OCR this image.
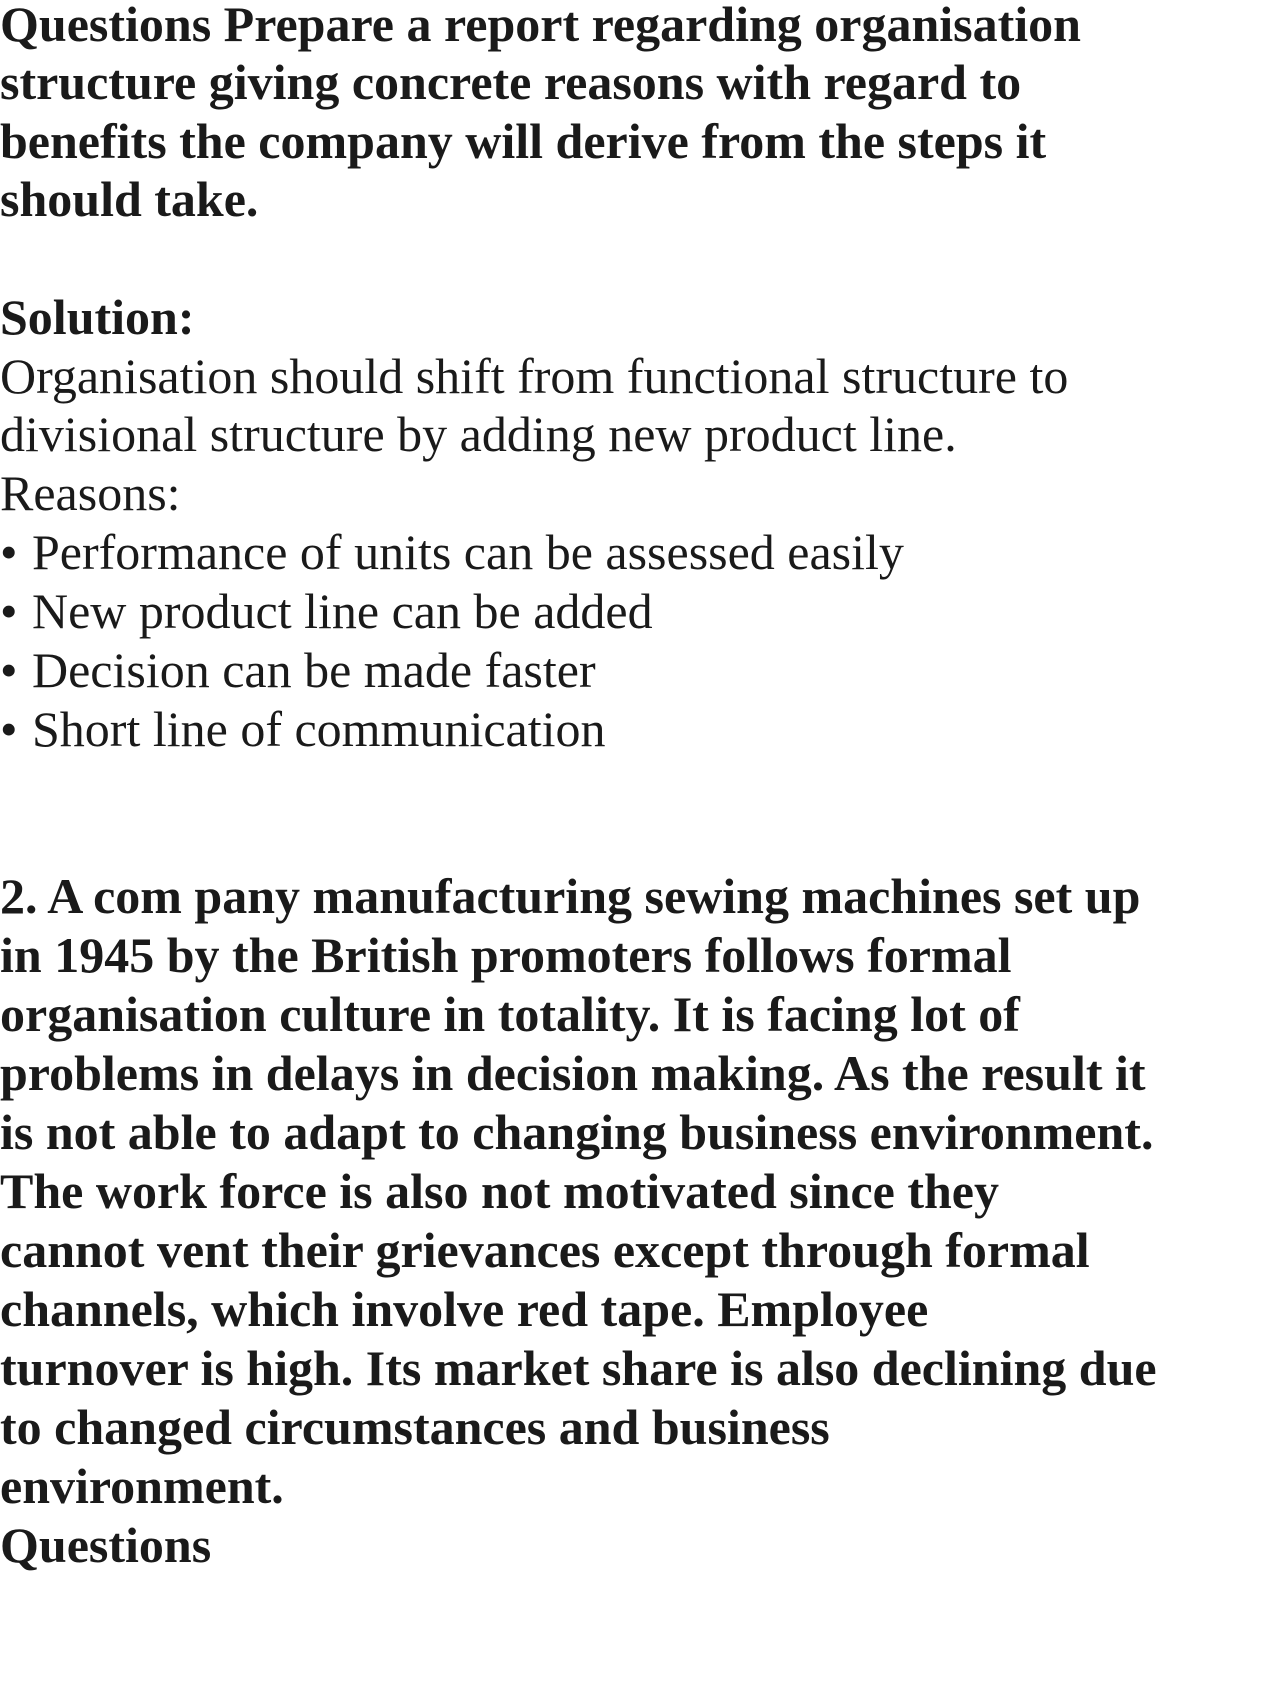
Questions Prepare a report regarding organisation

structure giving concrete reasons with regard to

benefits the company will derive from the steps it

should take.

Solution:

Organisation should shift from functional structure to

divisional structure by adding new product line.

Reasons:

• Performance of units can be assessed easily

• New product line can be added

• Decision can be made faster

• Short line of communication

2. A com pany manufacturing sewing machines set up

in 1945 by the British promoters follows formal

organisation culture in totality. It is facing lot of

problems in delays in decision making. As the result it

is not able to adapt to changing business environment.

The work force is also not motivated since they

cannot vent their grievances except through formal

channels, which involve red tape. Employee

turnover is high. Its market share is also declining due

to changed circumstances and business

environment.

Questions
